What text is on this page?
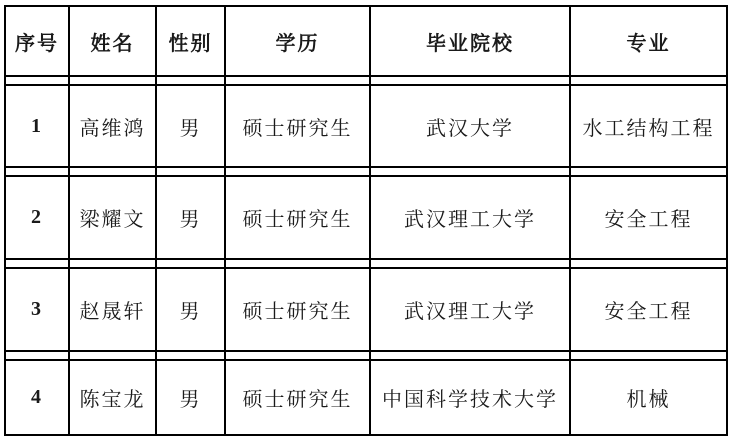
序号	姓名	性别	学历	毕业院校	专业

1	高维鸿	男	硕士研究生	武汉大学	水工结构工程

2	梁耀文	男	硕士研究生	武汉理工大学	安全工程

3	赵晟轩	男	硕士研究生	武汉理工大学	安全工程

4	陈宝龙	男	硕士研究生	中国科学技术大学	机械
